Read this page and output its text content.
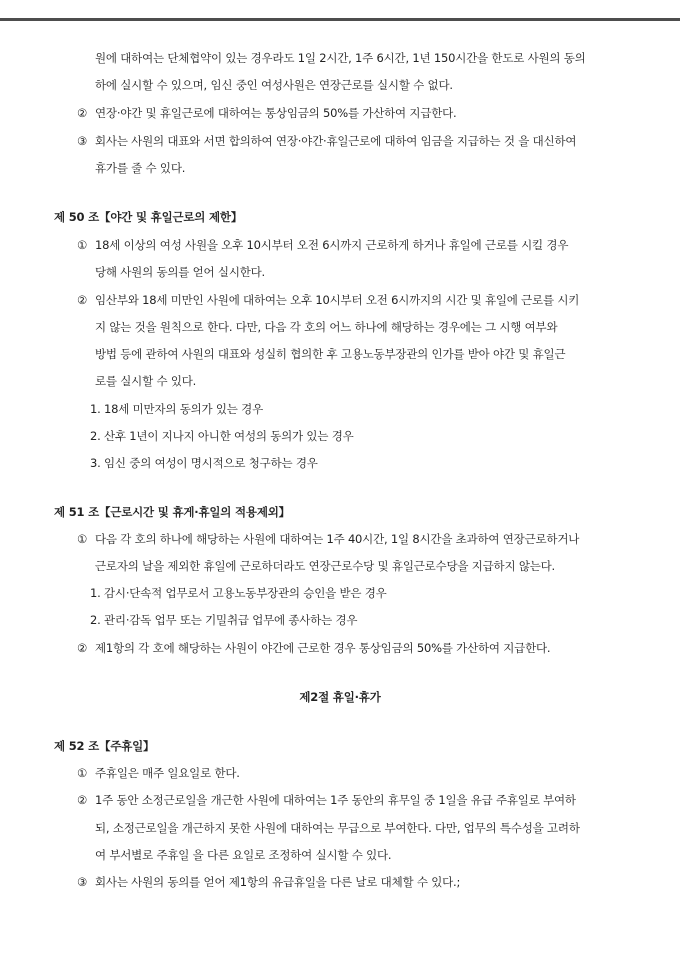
원에 대하여는 단체협약이 있는 경우라도 1일 2시간, 1주 6시간, 1년 150시간을 한도로 사원의 동의
하에 실시할 수 있으며, 임신 중인 여성사원은 연장근로를 실시할 수 없다.
② 연장·야간 및 휴일근로에 대하여는 통상임금의 50%를 가산하여 지급한다.
③ 회사는 사원의 대표와 서면 합의하여 연장·야간·휴일근로에 대하여 임금을 지급하는 것 을 대신하여
휴가를 줄 수 있다.
제 50 조【야간 및 휴일근로의 제한】
① 18세 이상의 여성 사원을 오후 10시부터 오전 6시까지 근로하게 하거나 휴일에 근로를 시킬 경우
당해 사원의 동의를 얻어 실시한다.
② 임산부와 18세 미만인 사원에 대하여는 오후 10시부터 오전 6시까지의 시간 및 휴일에 근로를 시키
지 않는 것을 원칙으로 한다. 다만, 다음 각 호의 어느 하나에 해당하는 경우에는 그 시행 여부와
방법 등에 관하여 사원의 대표와 성실히 협의한 후 고용노동부장관의 인가를 받아 야간 및 휴일근
로를 실시할 수 있다.
1. 18세 미만자의 동의가 있는 경우
2. 산후 1년이 지나지 아니한 여성의 동의가 있는 경우
3. 임신 중의 여성이 명시적으로 청구하는 경우
제 51 조【근로시간 및 휴게·휴일의 적용제외】
① 다음 각 호의 하나에 해당하는 사원에 대하여는 1주 40시간, 1일 8시간을 초과하여 연장근로하거나
근로자의 날을 제외한 휴일에 근로하더라도 연장근로수당 및 휴일근로수당을 지급하지 않는다.
1. 감시·단속적 업무로서 고용노동부장관의 승인을 받은 경우
2. 관리·감독 업무 또는 기밀취급 업무에 종사하는 경우
② 제1항의 각 호에 해당하는 사원이 야간에 근로한 경우 통상임금의 50%를 가산하여 지급한다.
제2절 휴일·휴가
제 52 조【주휴일】
① 주휴일은 매주 일요일로 한다.
② 1주 동안 소정근로일을 개근한 사원에 대하여는 1주 동안의 휴무일 중 1일을 유급 주휴일로 부여하
되, 소정근로일을 개근하지 못한 사원에 대하여는 무급으로 부여한다. 다만, 업무의 특수성을 고려하
여 부서별로 주휴일 을 다른 요일로 조정하여 실시할 수 있다.
③ 회사는 사원의 동의를 얻어 제1항의 유급휴일을 다른 날로 대체할 수 있다.;
